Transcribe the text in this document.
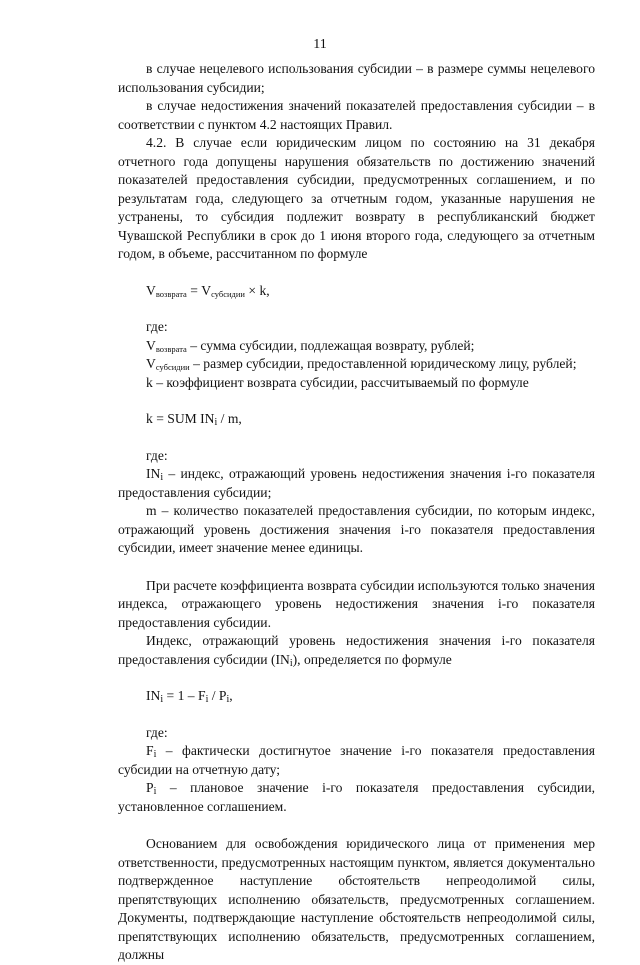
11

в случае нецелевого использования субсидии – в размере суммы нецелевого использования субсидии;

в случае недостижения значений показателей предоставления субсидии – в соответствии с пунктом 4.2 настоящих Правил.

4.2. В случае если юридическим лицом по состоянию на 31 декабря отчетного года допущены нарушения обязательств по достижению значений показателей предоставления субсидии, предусмотренных соглашением, и по результатам года, следующего за отчетным годом, указанные нарушения не устранены, то субсидия подлежит возврату в республиканский бюджет Чувашской Республики в срок до 1 июня второго года, следующего за отчетным годом, в объеме, рассчитанном по формуле

$V_{возврата} = V_{субсидии} \times k$,

где:

$V_{возврата}$ – сумма субсидии, подлежащая возврату, рублей;

$V_{субсидии}$ – размер субсидии, предоставленной юридическому лицу, рублей;

k – коэффициент возврата субсидии, рассчитываемый по формуле

k = SUM INi / m,

где:

INi – индекс, отражающий уровень недостижения значения i-го показателя предоставления субсидии;

m – количество показателей предоставления субсидии, по которым индекс, отражающий уровень достижения значения i-го показателя предоставления субсидии, имеет значение менее единицы.

При расчете коэффициента возврата субсидии используются только значения индекса, отражающего уровень недостижения значения i-го показателя предоставления субсидии.

Индекс, отражающий уровень недостижения значения i-го показателя предоставления субсидии (INi), определяется по формуле

INi = 1 – Fi / Pi,

где:

Fi – фактически достигнутое значение i-го показателя предоставления субсидии на отчетную дату;

Pi – плановое значение i-го показателя предоставления субсидии, установленное соглашением.

Основанием для освобождения юридического лица от применения мер ответственности, предусмотренных настоящим пунктом, является документально подтвержденное наступление обстоятельств непреодолимой силы, препятствующих исполнению обязательств, предусмотренных соглашением. Документы, подтверждающие наступление обстоятельств непреодолимой силы, препятствующих исполнению обязательств, предусмотренных соглашением, должны
